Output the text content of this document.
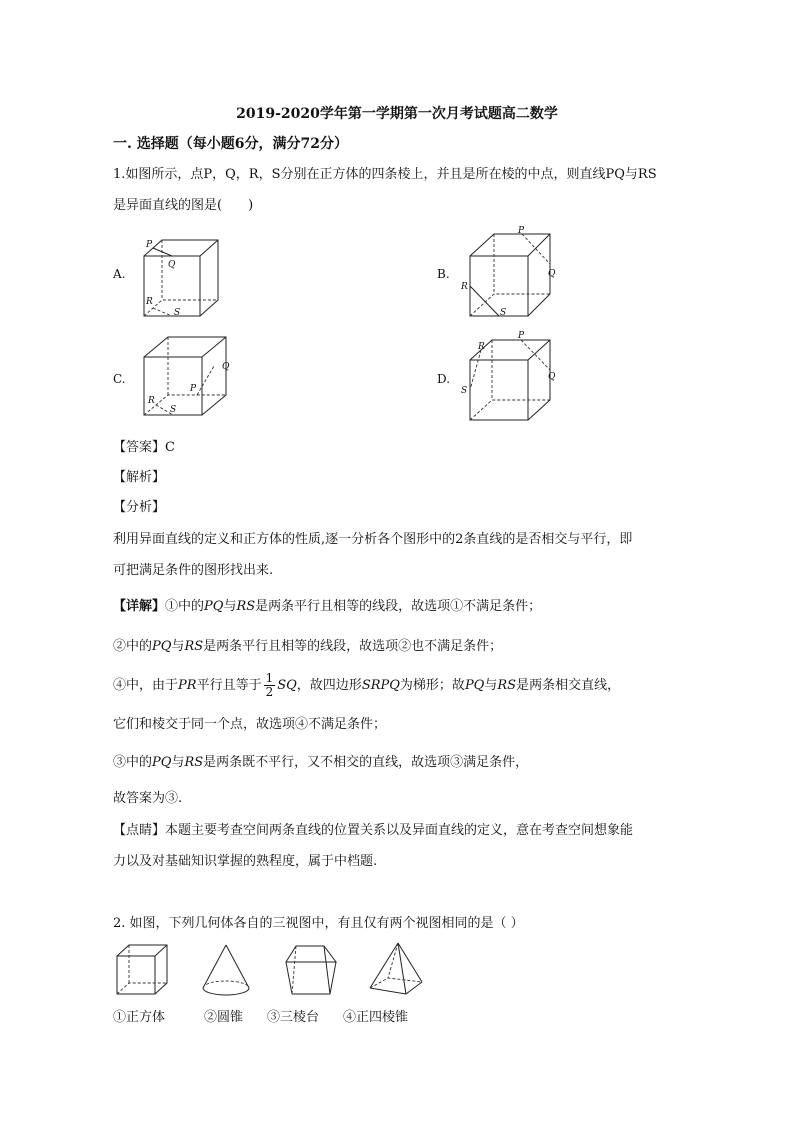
2019-2020学年第一学期第一次月考试题高二数学
一. 选择题（每小题6分，满分72分）
1.如图所示，点P，Q，R，S分别在正方体的四条棱上，并且是所在棱的中点，则直线PQ与RS
是异面直线的图是(　　)
A.
P
Q
R
S
B.
P
Q
R
S
C.
P
Q
R
S
D.
P
Q
R
S
【答案】C
【解析】
【分析】
利用异面直线的定义和正方体的性质,逐一分析各个图形中的2条直线的是否相交与平行，即
可把满足条件的图形找出来.
【详解】①中的PQ与RS是两条平行且相等的线段，故选项①不满足条件；
②中的PQ与RS是两条平行且相等的线段，故选项②也不满足条件；
④中，由于PR平行且等于 $\frac{1}{2}$ SQ，故四边形SRPQ为梯形；故PQ与RS是两条相交直线，
它们和棱交于同一个点，故选项④不满足条件；
③中的PQ与RS是两条既不平行，又不相交的直线，故选项③满足条件，
故答案为③.
【点睛】本题主要考查空间两条直线的位置关系以及异面直线的定义，意在考查空间想象能
力以及对基础知识掌握的熟程度，属于中档题.
2. 如图，下列几何体各自的三视图中，有且仅有两个视图相同的是（ ）
①正方体	②圆锥 ③三棱台 ④正四棱锥
